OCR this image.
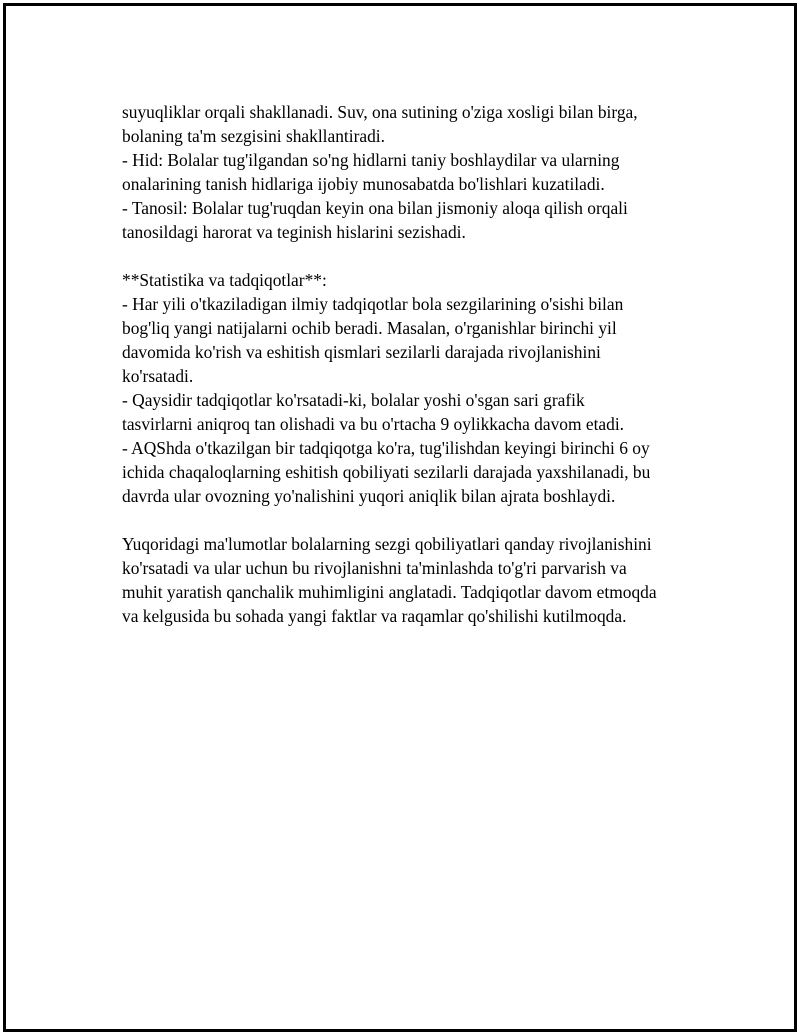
suyuqliklar orqali shakllanadi. Suv, ona sutining o'ziga xosligi bilan birga,
bolaning ta'm sezgisini shakllantiradi.
- Hid: Bolalar tug'ilgandan so'ng hidlarni taniy boshlaydilar va ularning
onalarining tanish hidlariga ijobiy munosabatda bo'lishlari kuzatiladi.
- Tanosil: Bolalar tug'ruqdan keyin ona bilan jismoniy aloqa qilish orqali
tanosildagi harorat va teginish hislarini sezishadi.
**Statistika va tadqiqotlar**:
- Har yili o'tkaziladigan ilmiy tadqiqotlar bola sezgilarining o'sishi bilan
bog'liq yangi natijalarni ochib beradi. Masalan, o'rganishlar birinchi yil
davomida ko'rish va eshitish qismlari sezilarli darajada rivojlanishini
ko'rsatadi.
- Qaysidir tadqiqotlar ko'rsatadi-ki, bolalar yoshi o'sgan sari grafik
tasvirlarni aniqroq tan olishadi va bu o'rtacha 9 oylikkacha davom etadi.
- AQShda o'tkazilgan bir tadqiqotga ko'ra, tug'ilishdan keyingi birinchi 6 oy
ichida chaqaloqlarning eshitish qobiliyati sezilarli darajada yaxshilanadi, bu
davrda ular ovozning yo'nalishini yuqori aniqlik bilan ajrata boshlaydi.
Yuqoridagi ma'lumotlar bolalarning sezgi qobiliyatlari qanday rivojlanishini
ko'rsatadi va ular uchun bu rivojlanishni ta'minlashda to'g'ri parvarish va
muhit yaratish qanchalik muhimligini anglatadi. Tadqiqotlar davom etmoqda
va kelgusida bu sohada yangi faktlar va raqamlar qo'shilishi kutilmoqda.
